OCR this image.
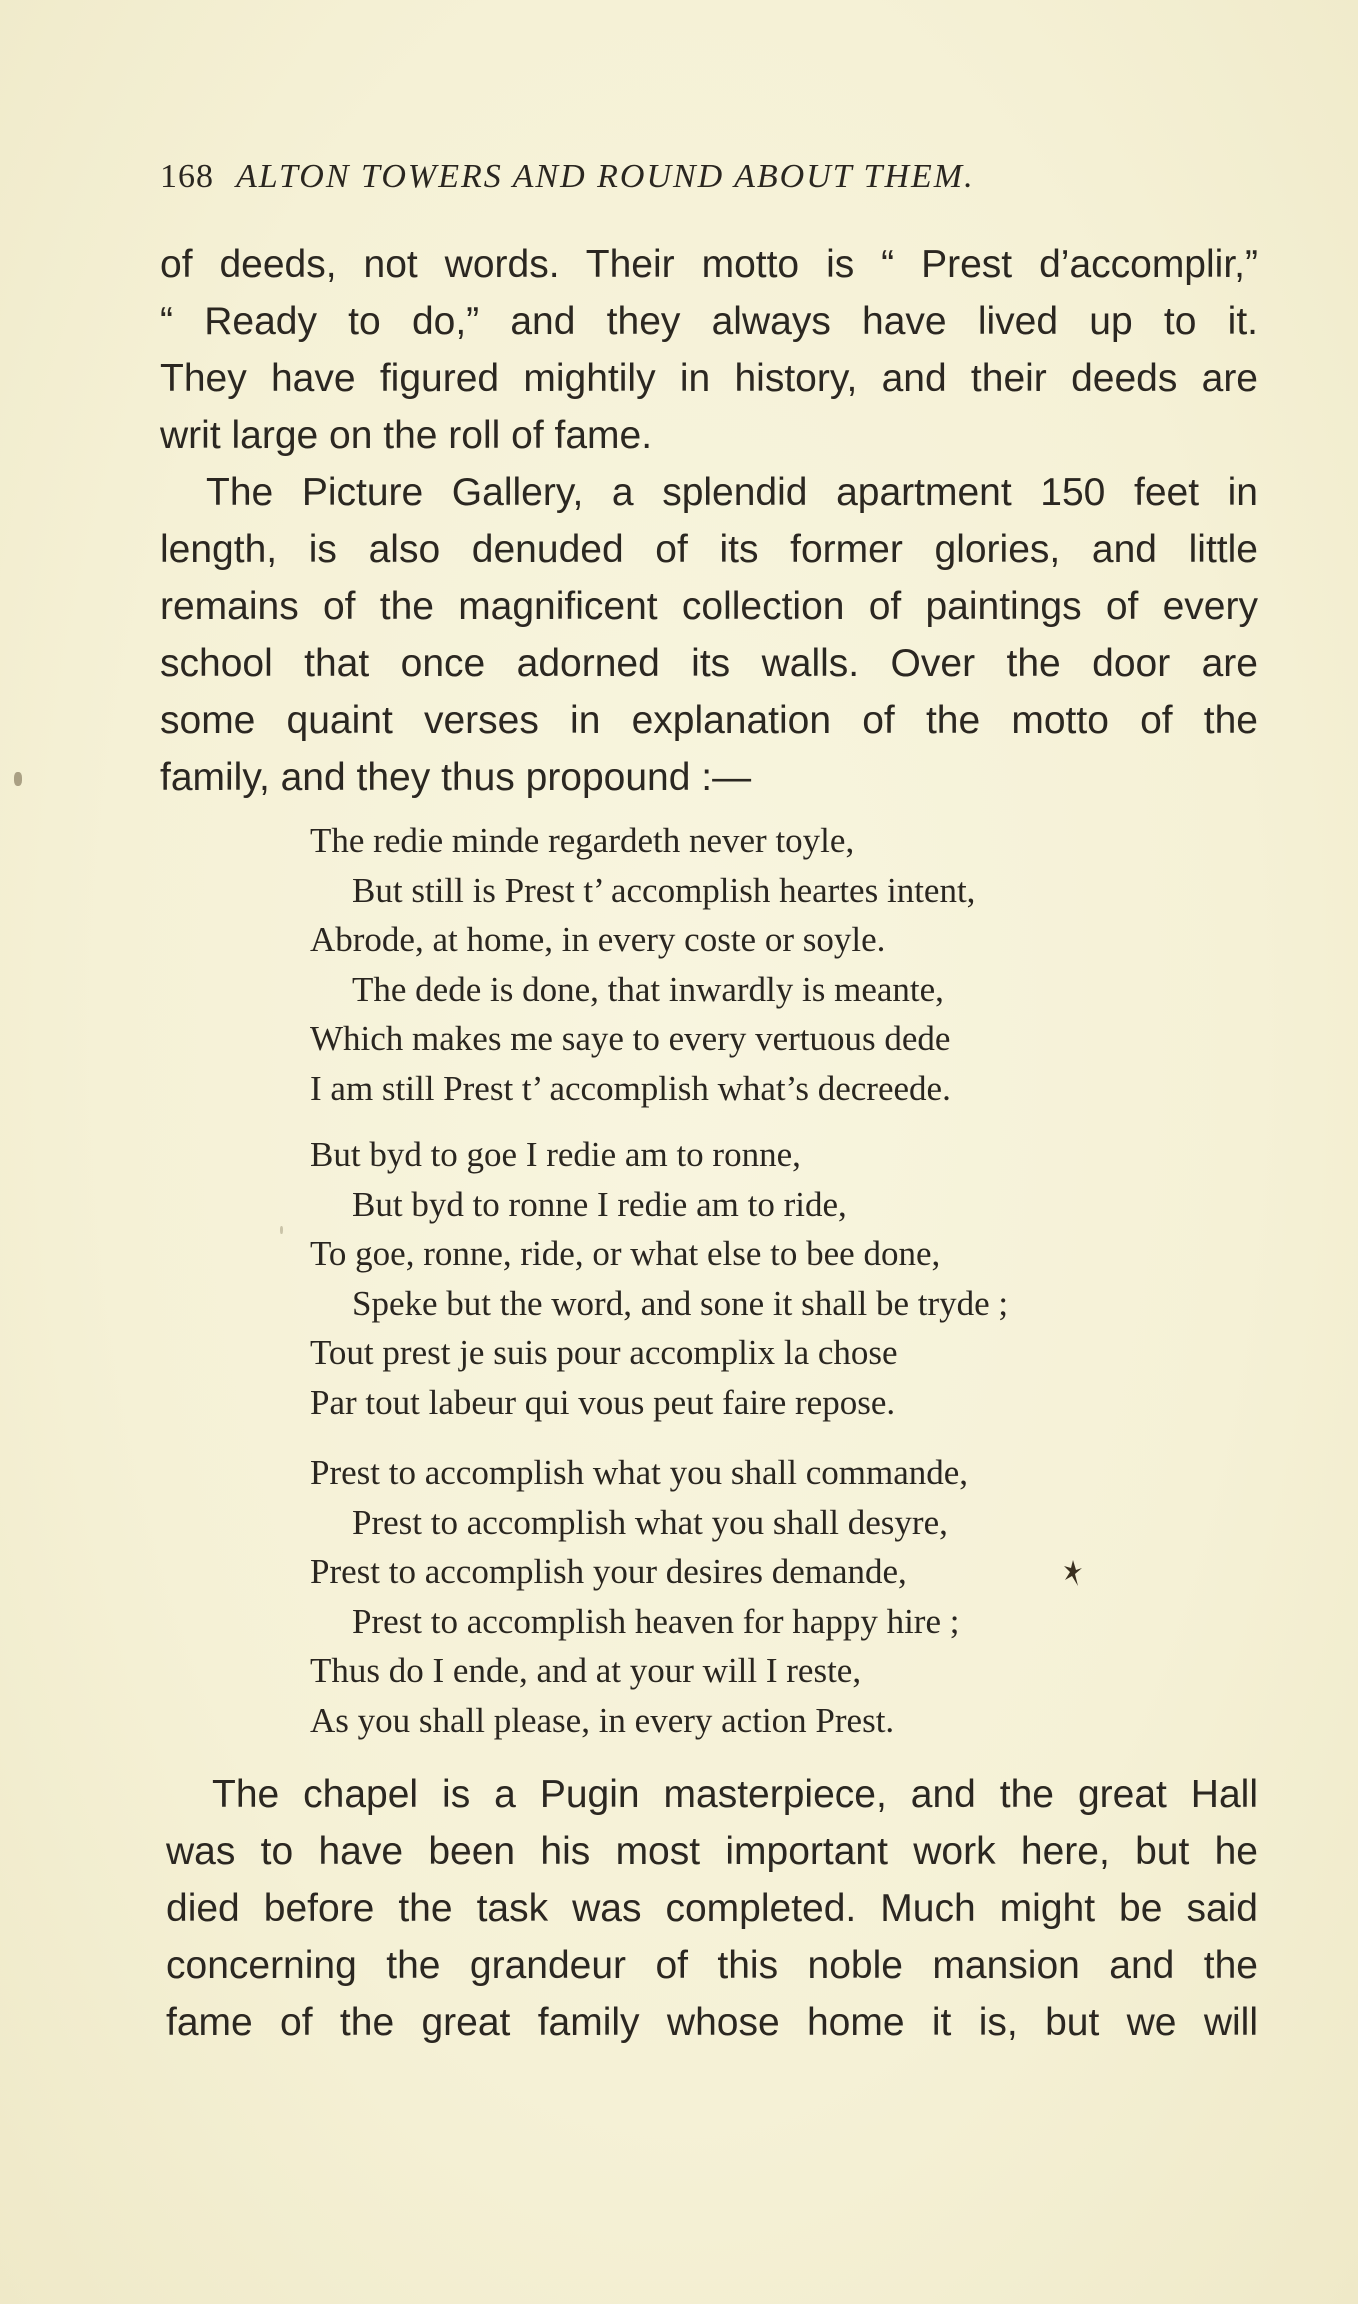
168 ALTON TOWERS AND ROUND ABOUT THEM.
of deeds, not words. Their motto is “ Prest d’accomplir,”
“ Ready to do,” and they always have lived up to it.
They have figured mightily in history, and their deeds are
writ large on the roll of fame.
The Picture Gallery, a splendid apartment 150 feet in
length, is also denuded of its former glories, and little
remains of the magnificent collection of paintings of every
school that once adorned its walls. Over the door are
some quaint verses in explanation of the motto of the
family, and they thus propound :—
The redie minde regardeth never toyle,
But still is Prest t’ accomplish heartes intent,
Abrode, at home, in every coste or soyle.
The dede is done, that inwardly is meante,
Which makes me saye to every vertuous dede
I am still Prest t’ accomplish what’s decreede.
But byd to goe I redie am to ronne,
But byd to ronne I redie am to ride,
To goe, ronne, ride, or what else to bee done,
Speke but the word, and sone it shall be tryde ;
Tout prest je suis pour accomplix la chose
Par tout labeur qui vous peut faire repose.
Prest to accomplish what you shall commande,
Prest to accomplish what you shall desyre,
Prest to accomplish your desires demande,
Prest to accomplish heaven for happy hire ;
Thus do I ende, and at your will I reste,
As you shall please, in every action Prest.
The chapel is a Pugin masterpiece, and the great Hall
was to have been his most important work here, but he
died before the task was completed. Much might be said
concerning the grandeur of this noble mansion and the
fame of the great family whose home it is, but we will
